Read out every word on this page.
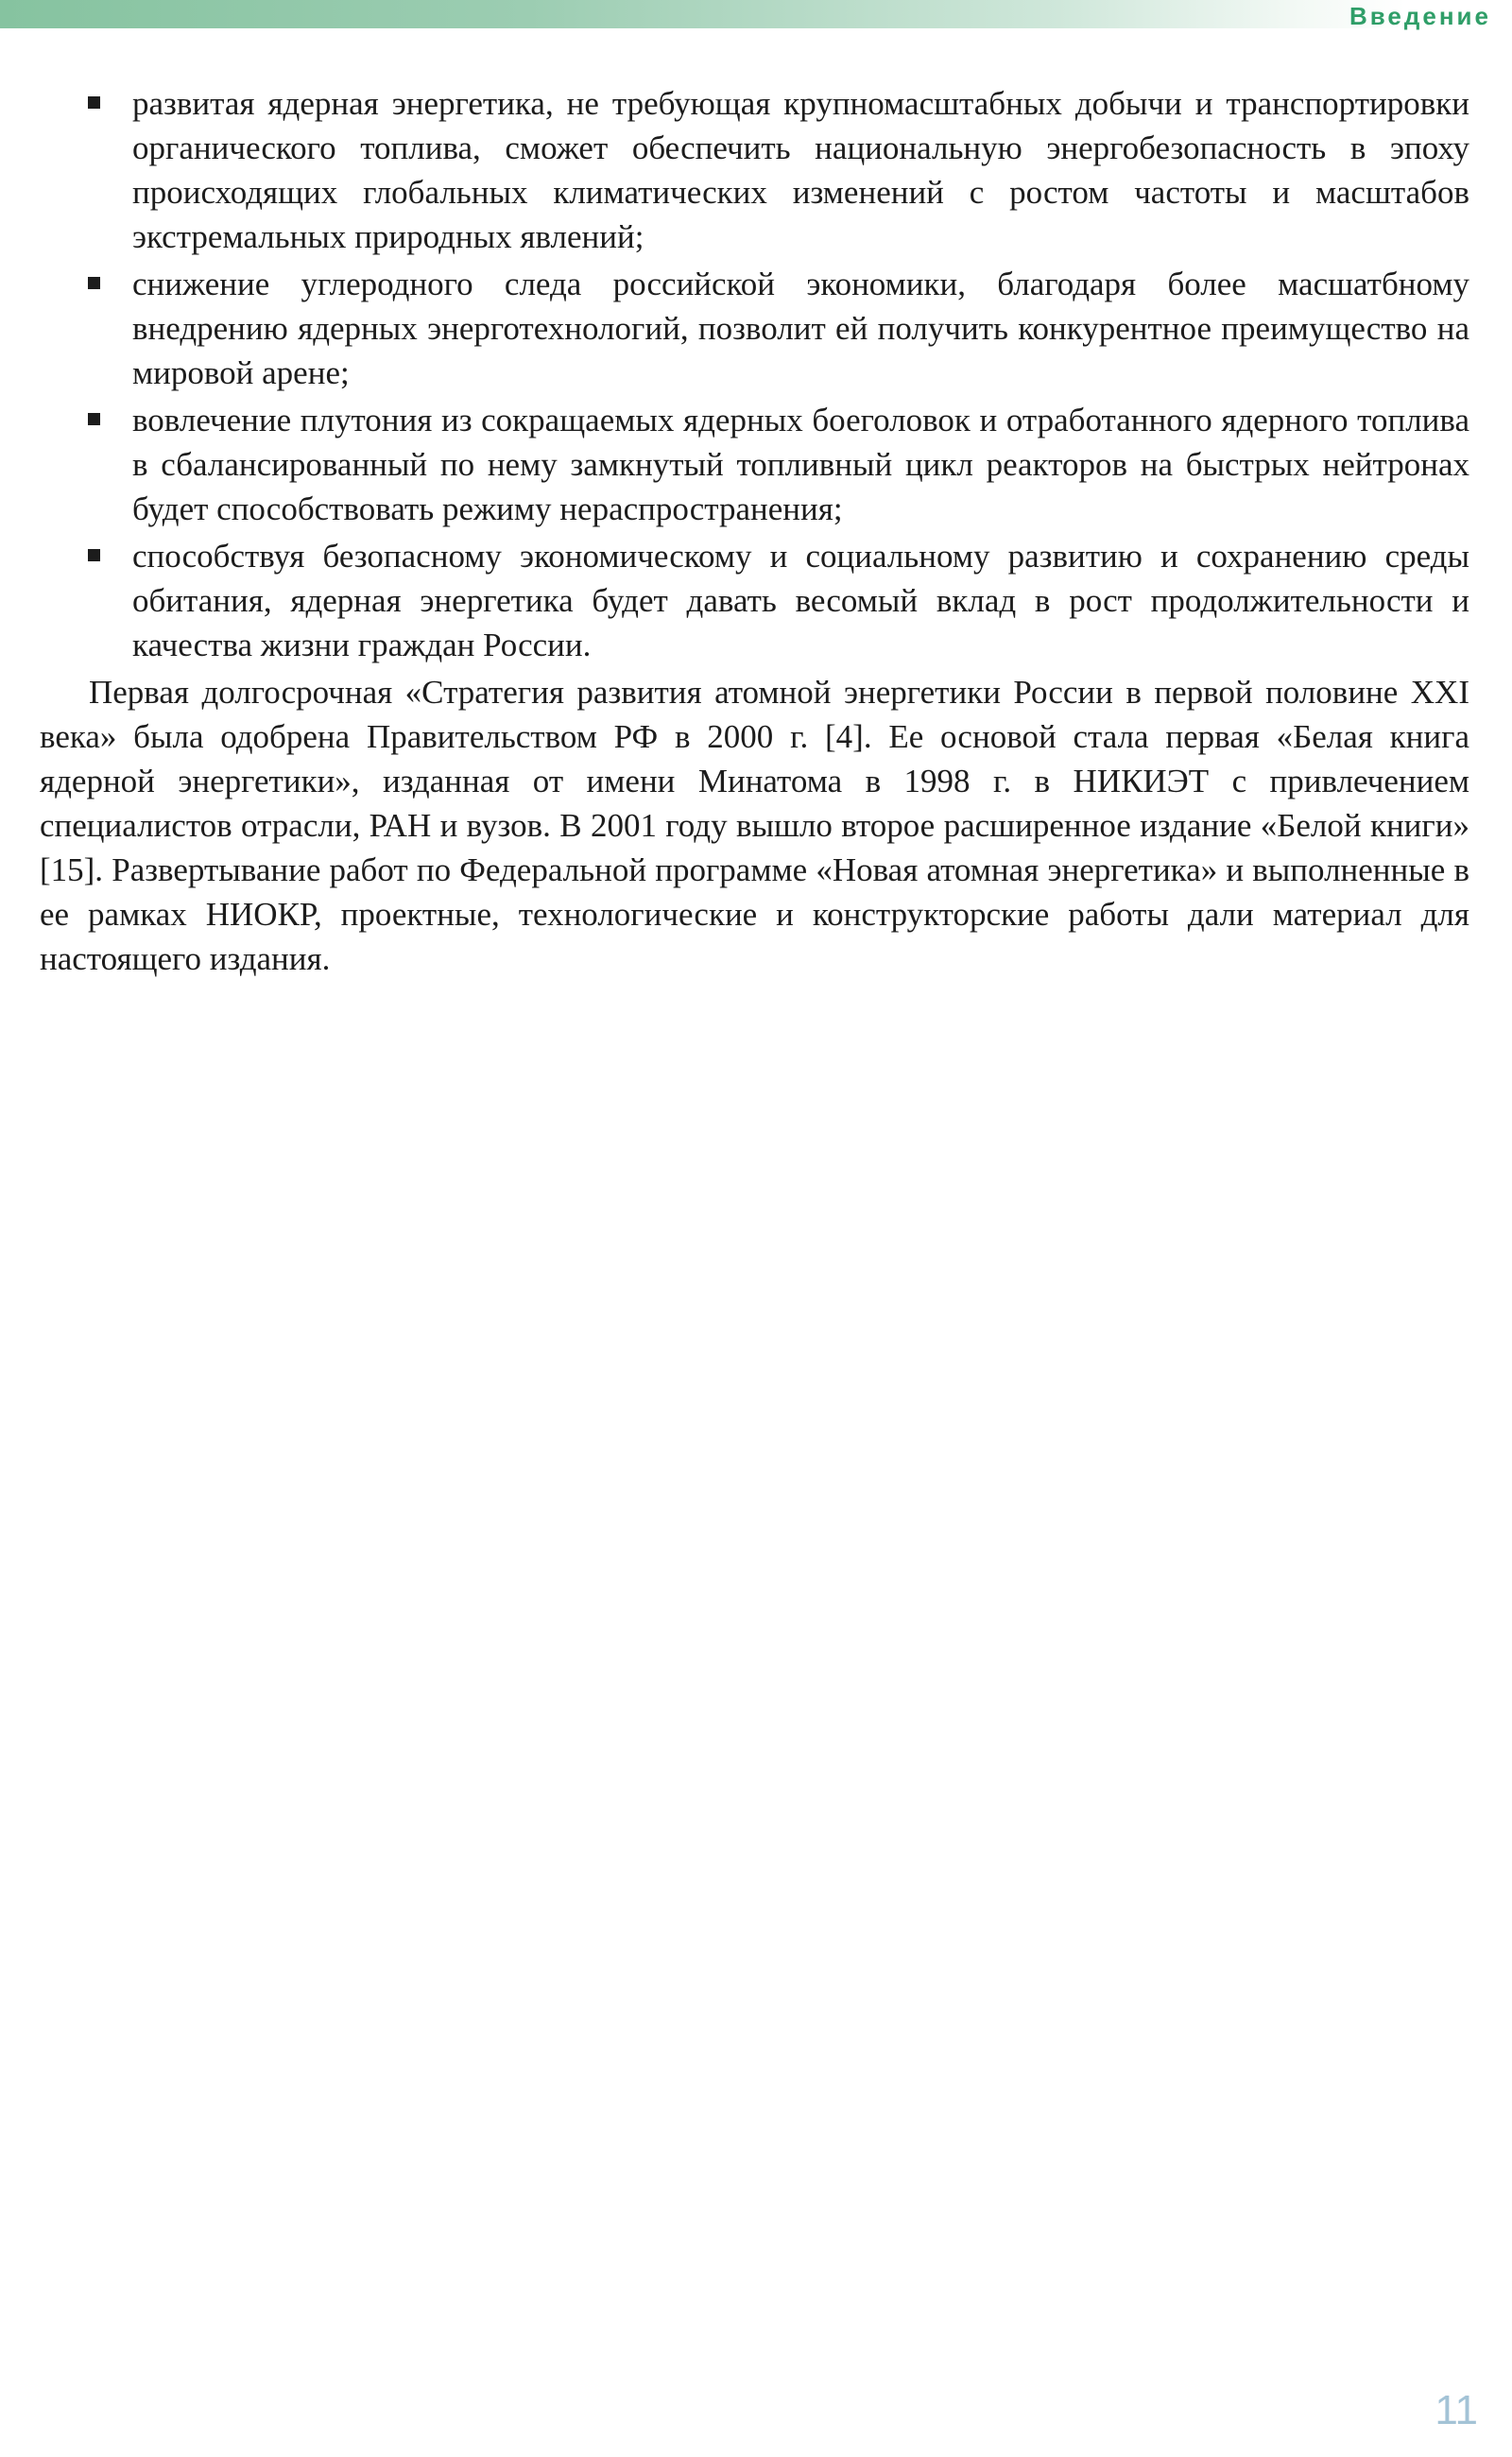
Введение
развитая ядерная энергетика, не требующая крупномасштабных добычи и транспортировки органического топлива, сможет обеспечить национальную энергобезопасность в эпоху происходящих глобальных климатических изменений с ростом частоты и масштабов экстремальных природных явлений;
снижение углеродного следа российской экономики, благодаря более масшатбному внедрению ядерных энерготехнологий, позволит ей получить конкурентное преимущество на мировой арене;
вовлечение плутония из сокращаемых ядерных боеголовок и отработанного ядерного топлива в сбалансированный по нему замкнутый топливный цикл реакторов на быстрых нейтронах будет способствовать режиму нераспространения;
способствуя безопасному экономическому и социальному развитию и сохранению среды обитания, ядерная энергетика будет давать весомый вклад в рост продолжительности и качества жизни граждан России.

Первая долгосрочная «Стратегия развития атомной энергетики России в первой половине XXI века» была одобрена Правительством РФ в 2000 г. [4]. Ее основой стала первая «Белая книга ядерной энергетики», изданная от имени Минатома в 1998 г. в НИКИЭТ с привлечением специалистов отрасли, РАН и вузов. В 2001 году вышло второе расширенное издание «Белой книги» [15]. Развертывание работ по Федеральной программе «Новая атомная энергетика» и выполненные в ее рамках НИОКР, проектные, технологические и конструкторские работы дали материал для настоящего издания.

11
